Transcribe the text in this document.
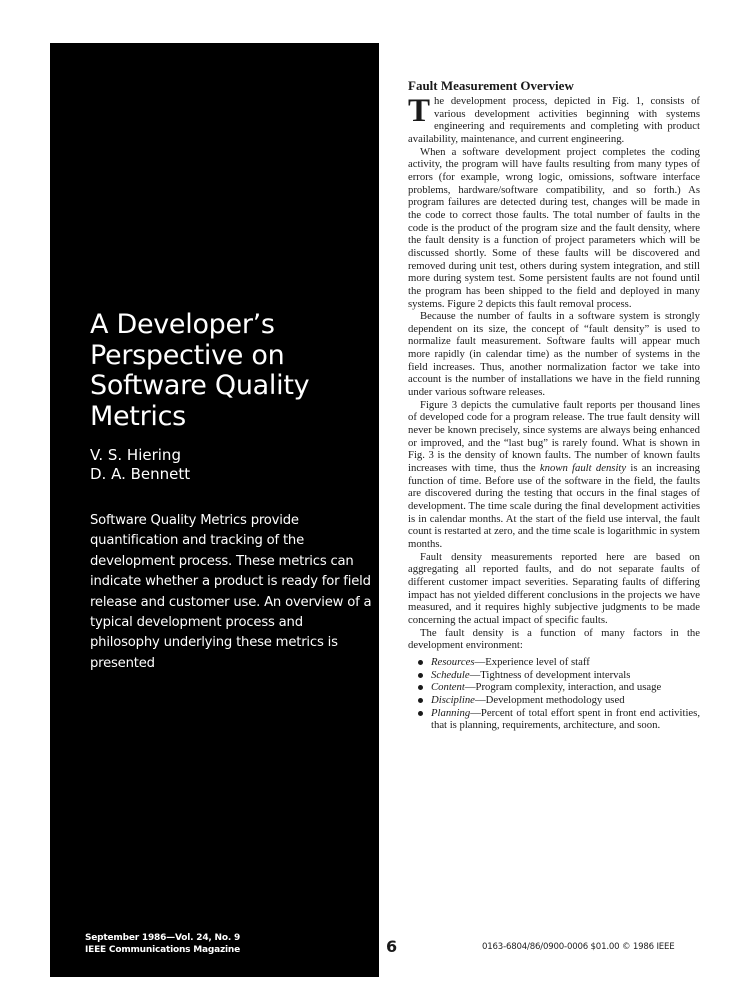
A Developer’s Perspective on Software Quality Metrics
V. S. Hiering
D. A. Bennett
Software Quality Metrics provide quantification and tracking of the development process. These metrics can indicate whether a product is ready for field release and customer use. An overview of a typical development process and philosophy underlying these metrics is presented
September 1986—Vol. 24, No. 9
IEEE Communications Magazine
Fault Measurement Overview

The development process, depicted in Fig. 1, consists of various development activities beginning with systems engineering and requirements and completing with product availability, maintenance, and current engineering.

When a software development project completes the coding activity, the program will have faults resulting from many types of errors (for example, wrong logic, omissions, software interface problems, hardware/software compatibility, and so forth.) As program failures are detected during test, changes will be made in the code to correct those faults. The total number of faults in the code is the product of the program size and the fault density, where the fault density is a function of project parameters which will be discussed shortly. Some of these faults will be discovered and removed during unit test, others during system integration, and still more during system test. Some persistent faults are not found until the program has been shipped to the field and deployed in many systems. Figure 2 depicts this fault removal process.

Because the number of faults in a software system is strongly dependent on its size, the concept of “fault density” is used to normalize fault measurement. Software faults will appear much more rapidly (in calendar time) as the number of systems in the field increases. Thus, another normalization factor we take into account is the number of installations we have in the field running under various software releases.

Figure 3 depicts the cumulative fault reports per thousand lines of developed code for a program release. The true fault density will never be known precisely, since systems are always being enhanced or improved, and the “last bug” is rarely found. What is shown in Fig. 3 is the density of known faults. The number of known faults increases with time, thus the known fault density is an increasing function of time. Before use of the software in the field, the faults are discovered during the testing that occurs in the final stages of development. The time scale during the final development activities is in calendar months. At the start of the field use interval, the fault count is restarted at zero, and the time scale is logarithmic in system months.

Fault density measurements reported here are based on aggregating all reported faults, and do not separate faults of different customer impact severities. Separating faults of differing impact has not yielded different conclusions in the projects we have measured, and it requires highly subjective judgments to be made concerning the actual impact of specific faults.

The fault density is a function of many factors in the development environment:

Resources—Experience level of staff
Schedule—Tightness of development intervals
Content—Program complexity, interaction, and usage
Discipline—Development methodology used
Planning—Percent of total effort spent in front end activities, that is planning, requirements, architecture, and soon.
6	0163-6804/86/0900-0006 $01.00 © 1986 IEEE
